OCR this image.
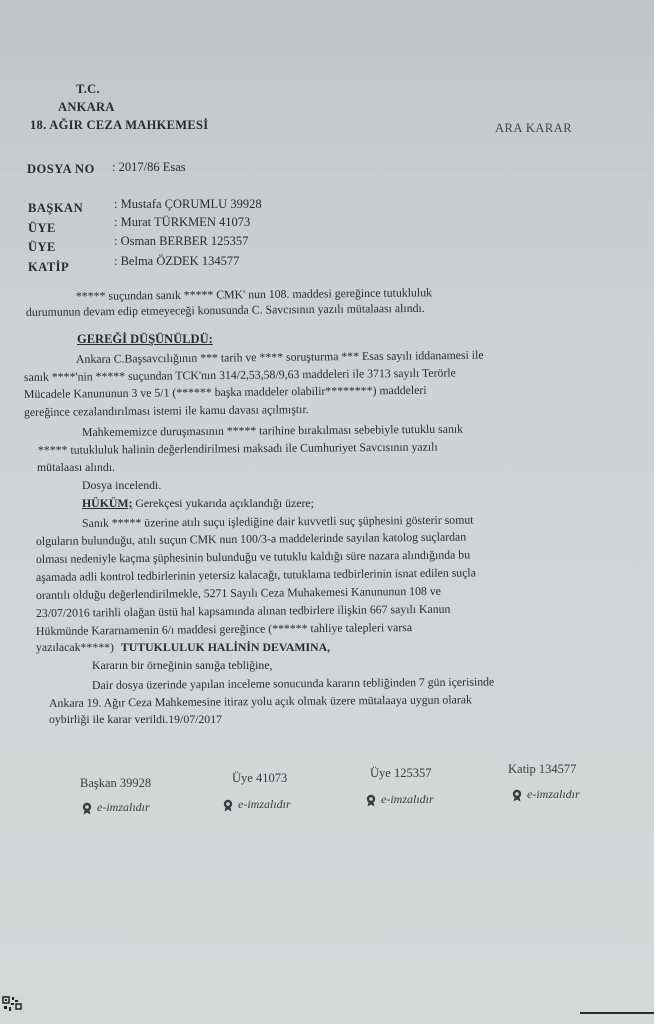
T.C.
ANKARA
18. AĞIR CEZA MAHKEMESİ	ARA KARAR
DOSYA NO : 2017/86 Esas
BAŞKAN : Mustafa ÇORUMLU 39928
ÜYE	: Murat TÜRKMEN 41073
ÜYE	: Osman BERBER 125357
KATİP	: Belma ÖZDEK 134577
***** suçundan sanık ***** CMK' nun 108. maddesi gereğince tutukluluk
durumunun devam edip etmeyeceği konusunda C. Savcısının yazılı mütalaası alındı.
GEREĞİ DÜŞÜNÜLDÜ:
Ankara C.Başsavcılığının *** tarih ve **** soruşturma *** Esas sayılı iddanamesi ile
sanık ****'nin ***** suçundan TCK'nın 314/2,53,58/9,63 maddeleri ile 3713 sayılı Terörle
Mücadele Kanununun 3 ve 5/1 (****** başka maddeler olabilir********) maddeleri
gereğince cezalandırılması istemi ile kamu davası açılmıştır.
Mahkememizce duruşmasının ***** tarihine bırakılması sebebiyle tutuklu sanık
***** tutukluluk halinin değerlendirilmesi maksadı ile Cumhuriyet Savcısının yazılı
mütalaası alındı.
Dosya incelendi.
HÜKÜM; Gerekçesi yukarıda açıklandığı üzere;
Sanık ***** üzerine atılı suçu işlediğine dair kuvvetli suç şüphesini gösterir somut
olguların bulunduğu, atılı suçun CMK nun 100/3-a maddelerinde sayılan katolog suçlardan
olması nedeniyle kaçma şüphesinin bulunduğu ve tutuklu kaldığı süre nazara alındığında bu
aşamada adli kontrol tedbirlerinin yetersiz kalacağı, tutuklama tedbirlerinin isnat edilen suçla
orantılı olduğu değerlendirilmekle, 5271 Sayılı Ceza Muhakemesi Kanununun 108 ve
23/07/2016 tarihli olağan üstü hal kapsamında alınan tedbirlere ilişkin 667 sayılı Kanun
Hükmünde Kararnamenin 6/ı maddesi gereğince (****** tahliye talepleri varsa
yazılacak*****) TUTUKLULUK HALİNİN DEVAMINA,
Kararın bir örneğinin sanığa tebliğine,
Dair dosya üzerinde yapılan inceleme sonucunda kararın tebliğinden 7 gün içerisinde
Ankara 19. Ağır Ceza Mahkemesine itiraz yolu açık olmak üzere mütalaaya uygun olarak
oybirliği ile karar verildi.19/07/2017
Başkan 39928
e-imzalıdır
Üye 41073
e-imzalıdır
Üye 125357
e-imzalıdır
Katip 134577
e-imzalıdır
